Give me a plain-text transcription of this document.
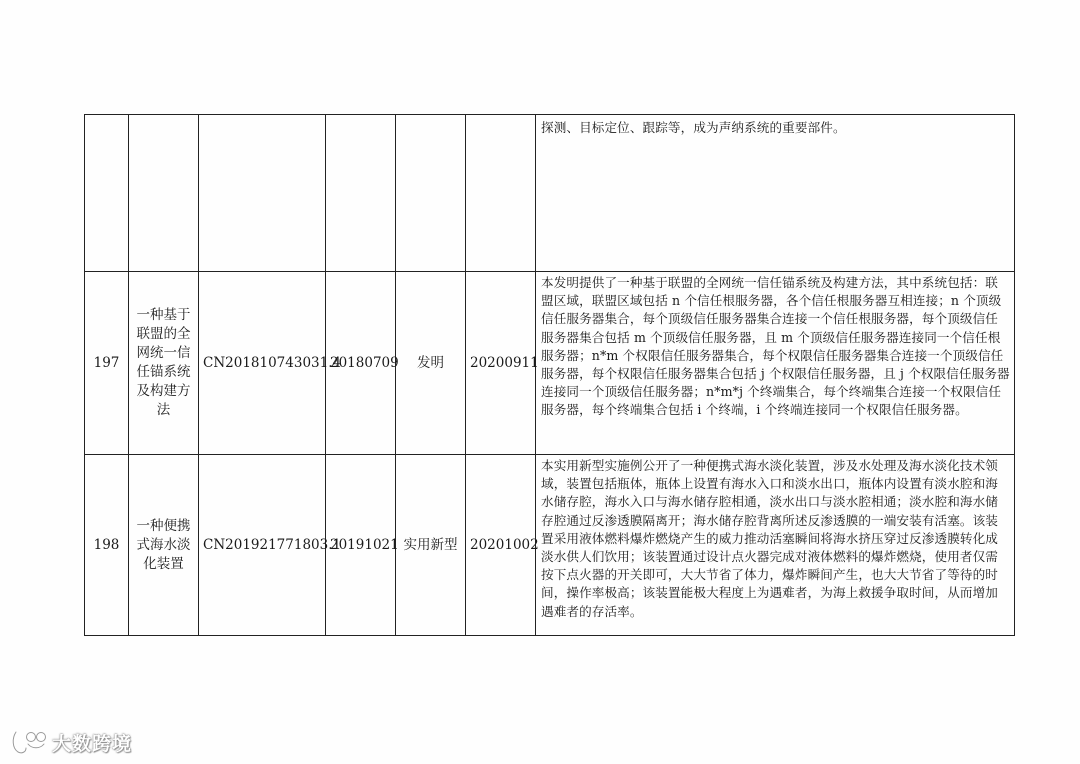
						探测、目标定位、跟踪等，成为声纳系统的重要部件。
197	一种基于联盟的全网统一信任锚系统及构建方法	CN201810743031.4	20180709	发明	20200911	本发明提供了一种基于联盟的全网统一信任锚系统及构建方法，其中系统包括：联盟区域，联盟区域包括 n 个信任根服务器，各个信任根服务器互相连接；n 个顶级信任服务器集合，每个顶级信任服务器集合连接一个信任根服务器，每个顶级信任服务器集合包括 m 个顶级信任服务器，且 m 个顶级信任服务器连接同一个信任根服务器；n*m 个权限信任服务器集合，每个权限信任服务器集合连接一个顶级信任服务器，每个权限信任服务器集合包括 j 个权限信任服务器，且 j 个权限信任服务器连接同一个顶级信任服务器；n*m*j 个终端集合，每个终端集合连接一个权限信任服务器，每个终端集合包括 i 个终端，i 个终端连接同一个权限信任服务器。
198	一种便携式海水淡化装置	CN201921771803.1	20191021	实用新型	20201002	本实用新型实施例公开了一种便携式海水淡化装置，涉及水处理及海水淡化技术领域，装置包括瓶体，瓶体上设置有海水入口和淡水出口，瓶体内设置有淡水腔和海水储存腔，海水入口与海水储存腔相通，淡水出口与淡水腔相通；淡水腔和海水储存腔通过反渗透膜隔离开；海水储存腔背离所述反渗透膜的一端安装有活塞。该装置采用液体燃料爆炸燃烧产生的威力推动活塞瞬间将海水挤压穿过反渗透膜转化成淡水供人们饮用；该装置通过设计点火器完成对液体燃料的爆炸燃烧，使用者仅需按下点火器的开关即可，大大节省了体力，爆炸瞬间产生，也大大节省了等待的时间，操作率极高；该装置能极大程度上为遇难者，为海上救援争取时间，从而增加遇难者的存活率。
大数跨境
